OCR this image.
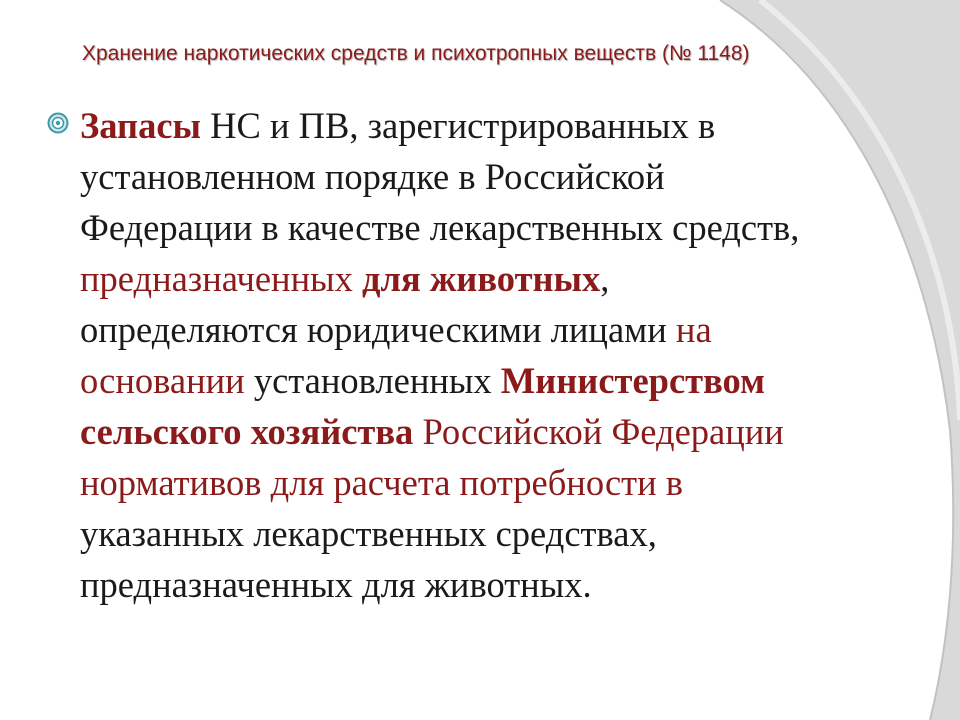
Хранение наркотических средств и психотропных веществ (№ 1148)

Запасы НС и ПВ, зарегистрированных в
установленном порядке в Российской
Федерации в качестве лекарственных средств,
предназначенных для животных,
определяются юридическими лицами на
основании установленных Министерством
сельского хозяйства Российской Федерации
нормативов для расчета потребности в
указанных лекарственных средствах,
предназначенных для животных.
